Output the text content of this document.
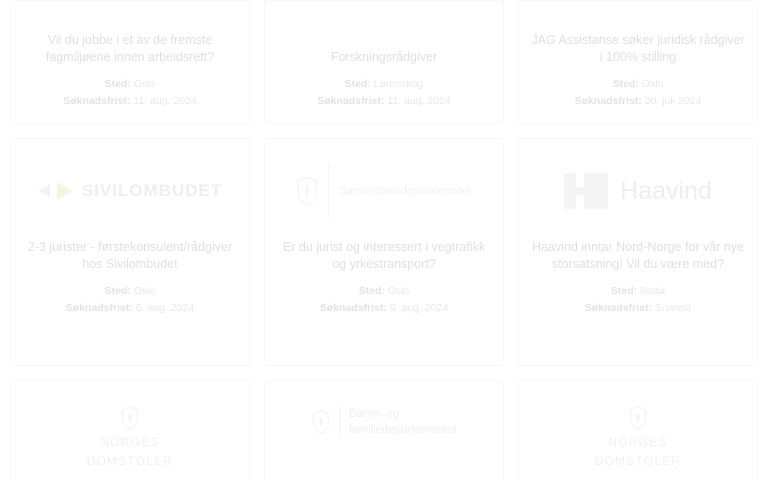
Vil du jobbe i et av de fremste fagmiljøene innen arbeidsrett?

Sted: Oslo

Søknadsfrist: 11. aug. 2024

Forskningsrådgiver

Sted: Lørenskog

Søknadsfrist: 11. aug. 2024

JAG Assistanse søker juridisk rådgiver i 100% stilling

Sted: Oslo

Søknadsfrist: 20. juli 2024

SIVILOMBUDET

2-3 jurister - førstekonsulent/rådgiver hos Sivilombudet

Sted: Oslo

Søknadsfrist: 6. aug. 2024

Samferdselsdepartementet

Er du jurist og interessert i vegtrafikk og yrkestransport?

Sted: Oslo

Søknadsfrist: 9. aug. 2024

Haavind

Haavind inntar Nord-Norge for vår nye storsatsning! Vil du være med?

Sted: Bodø

Søknadsfrist: Snarest

NORGES
DOMSTOLER
Barne- og
familiedepartementet
NORGES
DOMSTOLER
